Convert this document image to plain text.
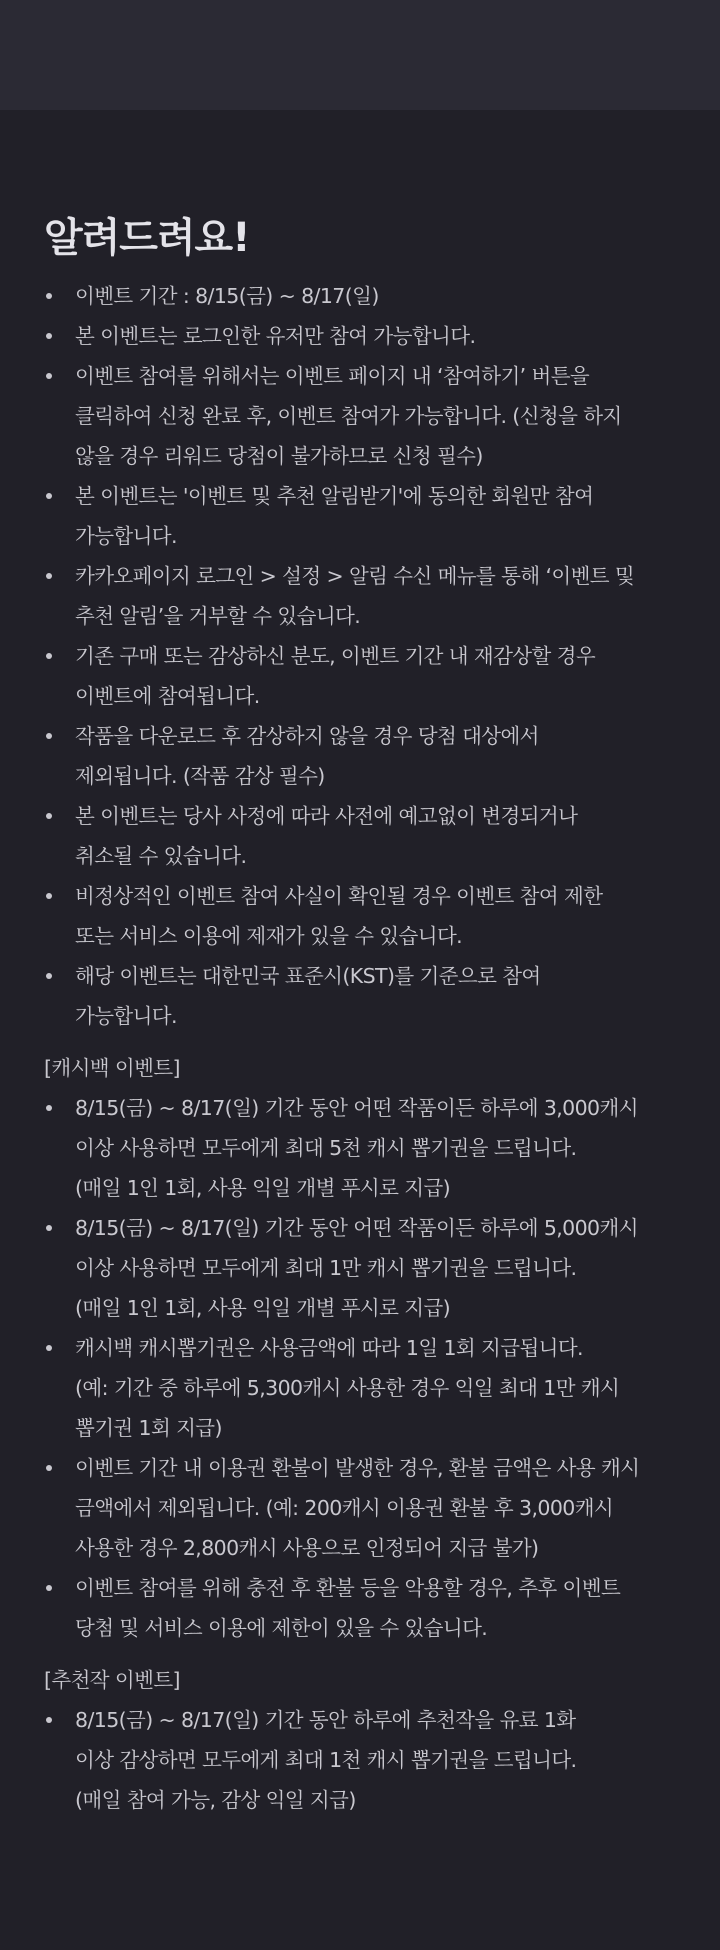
알려드려요!
이벤트 기간 : 8/15(금) ~ 8/17(일)
본 이벤트는 로그인한 유저만 참여 가능합니다.
이벤트 참여를 위해서는 이벤트 페이지 내 ‘참여하기’ 버튼을
클릭하여 신청 완료 후, 이벤트 참여가 가능합니다. (신청을 하지
않을 경우 리워드 당첨이 불가하므로 신청 필수)
본 이벤트는 '이벤트 및 추천 알림받기'에 동의한 회원만 참여
가능합니다.
카카오페이지 로그인 > 설정 > 알림 수신 메뉴를 통해 ‘이벤트 및
추천 알림’을 거부할 수 있습니다.
기존 구매 또는 감상하신 분도, 이벤트 기간 내 재감상할 경우
이벤트에 참여됩니다.
작품을 다운로드 후 감상하지 않을 경우 당첨 대상에서
제외됩니다. (작품 감상 필수)
본 이벤트는 당사 사정에 따라 사전에 예고없이 변경되거나
취소될 수 있습니다.
비정상적인 이벤트 참여 사실이 확인될 경우 이벤트 참여 제한
또는 서비스 이용에 제재가 있을 수 있습니다.
해당 이벤트는 대한민국 표준시(KST)를 기준으로 참여
가능합니다.
[캐시백 이벤트]
8/15(금) ~ 8/17(일) 기간 동안 어떤 작품이든 하루에 3,000캐시
이상 사용하면 모두에게 최대 5천 캐시 뽑기권을 드립니다.
(매일 1인 1회, 사용 익일 개별 푸시로 지급)
8/15(금) ~ 8/17(일) 기간 동안 어떤 작품이든 하루에 5,000캐시
이상 사용하면 모두에게 최대 1만 캐시 뽑기권을 드립니다.
(매일 1인 1회, 사용 익일 개별 푸시로 지급)
캐시백 캐시뽑기권은 사용금액에 따라 1일 1회 지급됩니다.
(예: 기간 중 하루에 5,300캐시 사용한 경우 익일 최대 1만 캐시
뽑기권 1회 지급)
이벤트 기간 내 이용권 환불이 발생한 경우, 환불 금액은 사용 캐시
금액에서 제외됩니다. (예: 200캐시 이용권 환불 후 3,000캐시
사용한 경우 2,800캐시 사용으로 인정되어 지급 불가)
이벤트 참여를 위해 충전 후 환불 등을 악용할 경우, 추후 이벤트
당첨 및 서비스 이용에 제한이 있을 수 있습니다.
[추천작 이벤트]
8/15(금) ~ 8/17(일) 기간 동안 하루에 추천작을 유료 1화
이상 감상하면 모두에게 최대 1천 캐시 뽑기권을 드립니다.
(매일 참여 가능, 감상 익일 지급)
